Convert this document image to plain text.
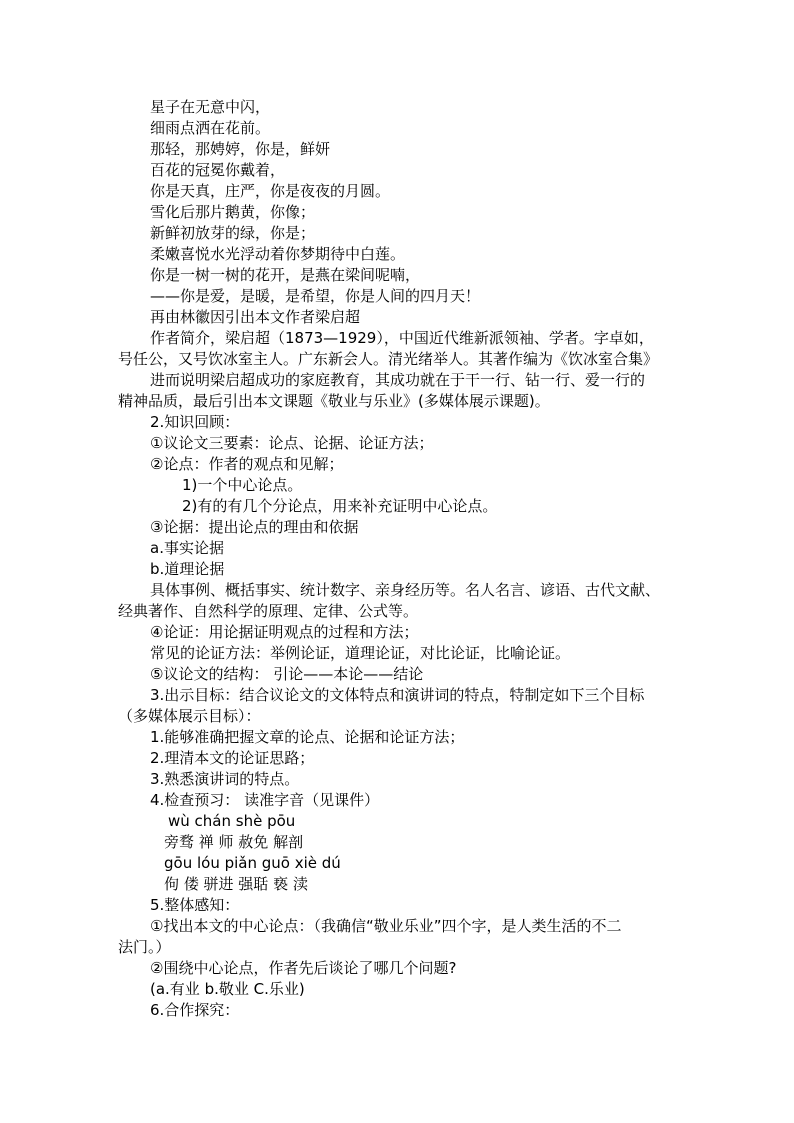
星子在无意中闪，
细雨点洒在花前。
那轻，那娉婷，你是，鲜妍
百花的冠冕你戴着，
你是天真，庄严，你是夜夜的月圆。
雪化后那片鹅黄，你像；
新鲜初放芽的绿，你是；
柔嫩喜悦水光浮动着你梦期待中白莲。
你是一树一树的花开，是燕在梁间呢喃，
——你是爱，是暖，是希望，你是人间的四月天！
再由林徽因引出本文作者梁启超
作者简介，梁启超（1873—1929），中国近代维新派领袖、学者。字卓如，
号任公，又号饮冰室主人。广东新会人。清光绪举人。其著作编为《饮冰室合集》
进而说明梁启超成功的家庭教育，其成功就在于干一行、钻一行、爱一行的
精神品质，最后引出本文课题《敬业与乐业》(多媒体展示课题)。
2.知识回顾：
①议论文三要素：论点、论据、论证方法；
②论点：作者的观点和见解；
1)一个中心论点。
2)有的有几个分论点，用来补充证明中心论点。
③论据：提出论点的理由和依据
a.事实论据
b.道理论据
具体事例、概括事实、统计数字、亲身经历等。名人名言、谚语、古代文献、
经典著作、自然科学的原理、定律、公式等。
④论证：用论据证明观点的过程和方法；
常见的论证方法：举例论证，道理论证，对比论证，比喻论证。
⑤议论文的结构： 引论——本论——结论
3.出示目标：结合议论文的文体特点和演讲词的特点，特制定如下三个目标
（多媒体展示目标）：
1.能够准确把握文章的论点、论据和论证方法；
2.理清本文的论证思路；
3.熟悉演讲词的特点。
4.检查预习： 读准字音（见课件）
wù chán shè pōu
旁骛 禅 师 赦免 解剖
gōu lóu piǎn guō xiè dú
佝 偻 骈进 强聒 亵 渎
5.整体感知：
①找出本文的中心论点：（我确信“敬业乐业”四个字，是人类生活的不二
法门。）
②围绕中心论点，作者先后谈论了哪几个问题?
(a.有业 b.敬业 C.乐业)
6.合作探究：
